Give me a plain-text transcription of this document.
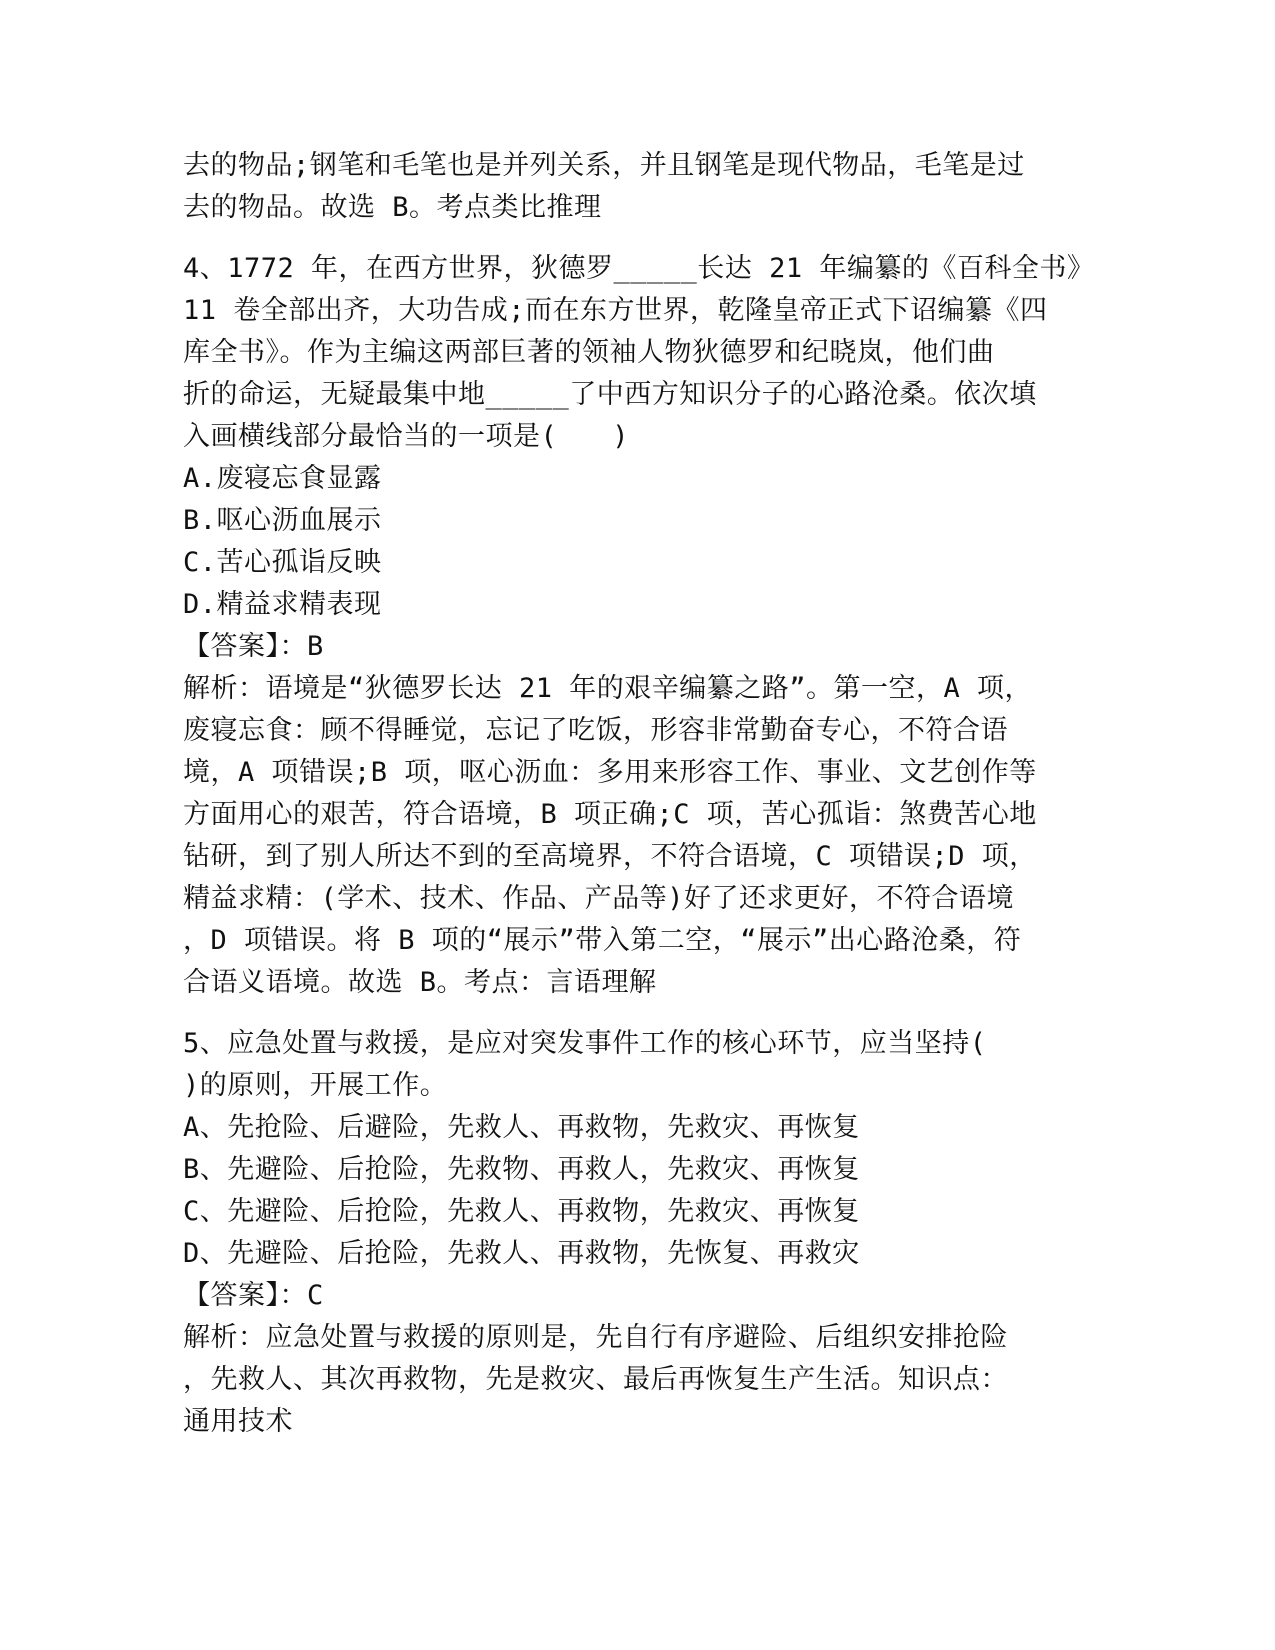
去的物品;钢笔和毛笔也是并列关系，并且钢笔是现代物品，毛笔是过
去的物品。故选 B。考点类比推理
4、1772 年，在西方世界，狄德罗_____长达 21 年编纂的《百科全书》
11 卷全部出齐，大功告成;而在东方世界，乾隆皇帝正式下诏编纂《四
库全书》。作为主编这两部巨著的领袖人物狄德罗和纪晓岚，他们曲
折的命运，无疑最集中地_____了中西方知识分子的心路沧桑。依次填
入画横线部分最恰当的一项是(　　)
A.废寝忘食显露
B.呕心沥血展示
C.苦心孤诣反映
D.精益求精表现
【答案】：B
解析：语境是“狄德罗长达 21 年的艰辛编纂之路”。第一空，A 项，
废寝忘食：顾不得睡觉，忘记了吃饭，形容非常勤奋专心，不符合语
境，A 项错误;B 项，呕心沥血：多用来形容工作、事业、文艺创作等
方面用心的艰苦，符合语境，B 项正确;C 项，苦心孤诣：煞费苦心地
钻研，到了别人所达不到的至高境界，不符合语境，C 项错误;D 项，
精益求精：(学术、技术、作品、产品等)好了还求更好，不符合语境
，D 项错误。将 B 项的“展示”带入第二空，“展示”出心路沧桑，符
合语义语境。故选 B。考点：言语理解
5、应急处置与救援，是应对突发事件工作的核心环节，应当坚持(
)的原则，开展工作。
A、先抢险、后避险，先救人、再救物，先救灾、再恢复
B、先避险、后抢险，先救物、再救人，先救灾、再恢复
C、先避险、后抢险，先救人、再救物，先救灾、再恢复
D、先避险、后抢险，先救人、再救物，先恢复、再救灾
【答案】：C
解析：应急处置与救援的原则是，先自行有序避险、后组织安排抢险
，先救人、其次再救物，先是救灾、最后再恢复生产生活。知识点：
通用技术
